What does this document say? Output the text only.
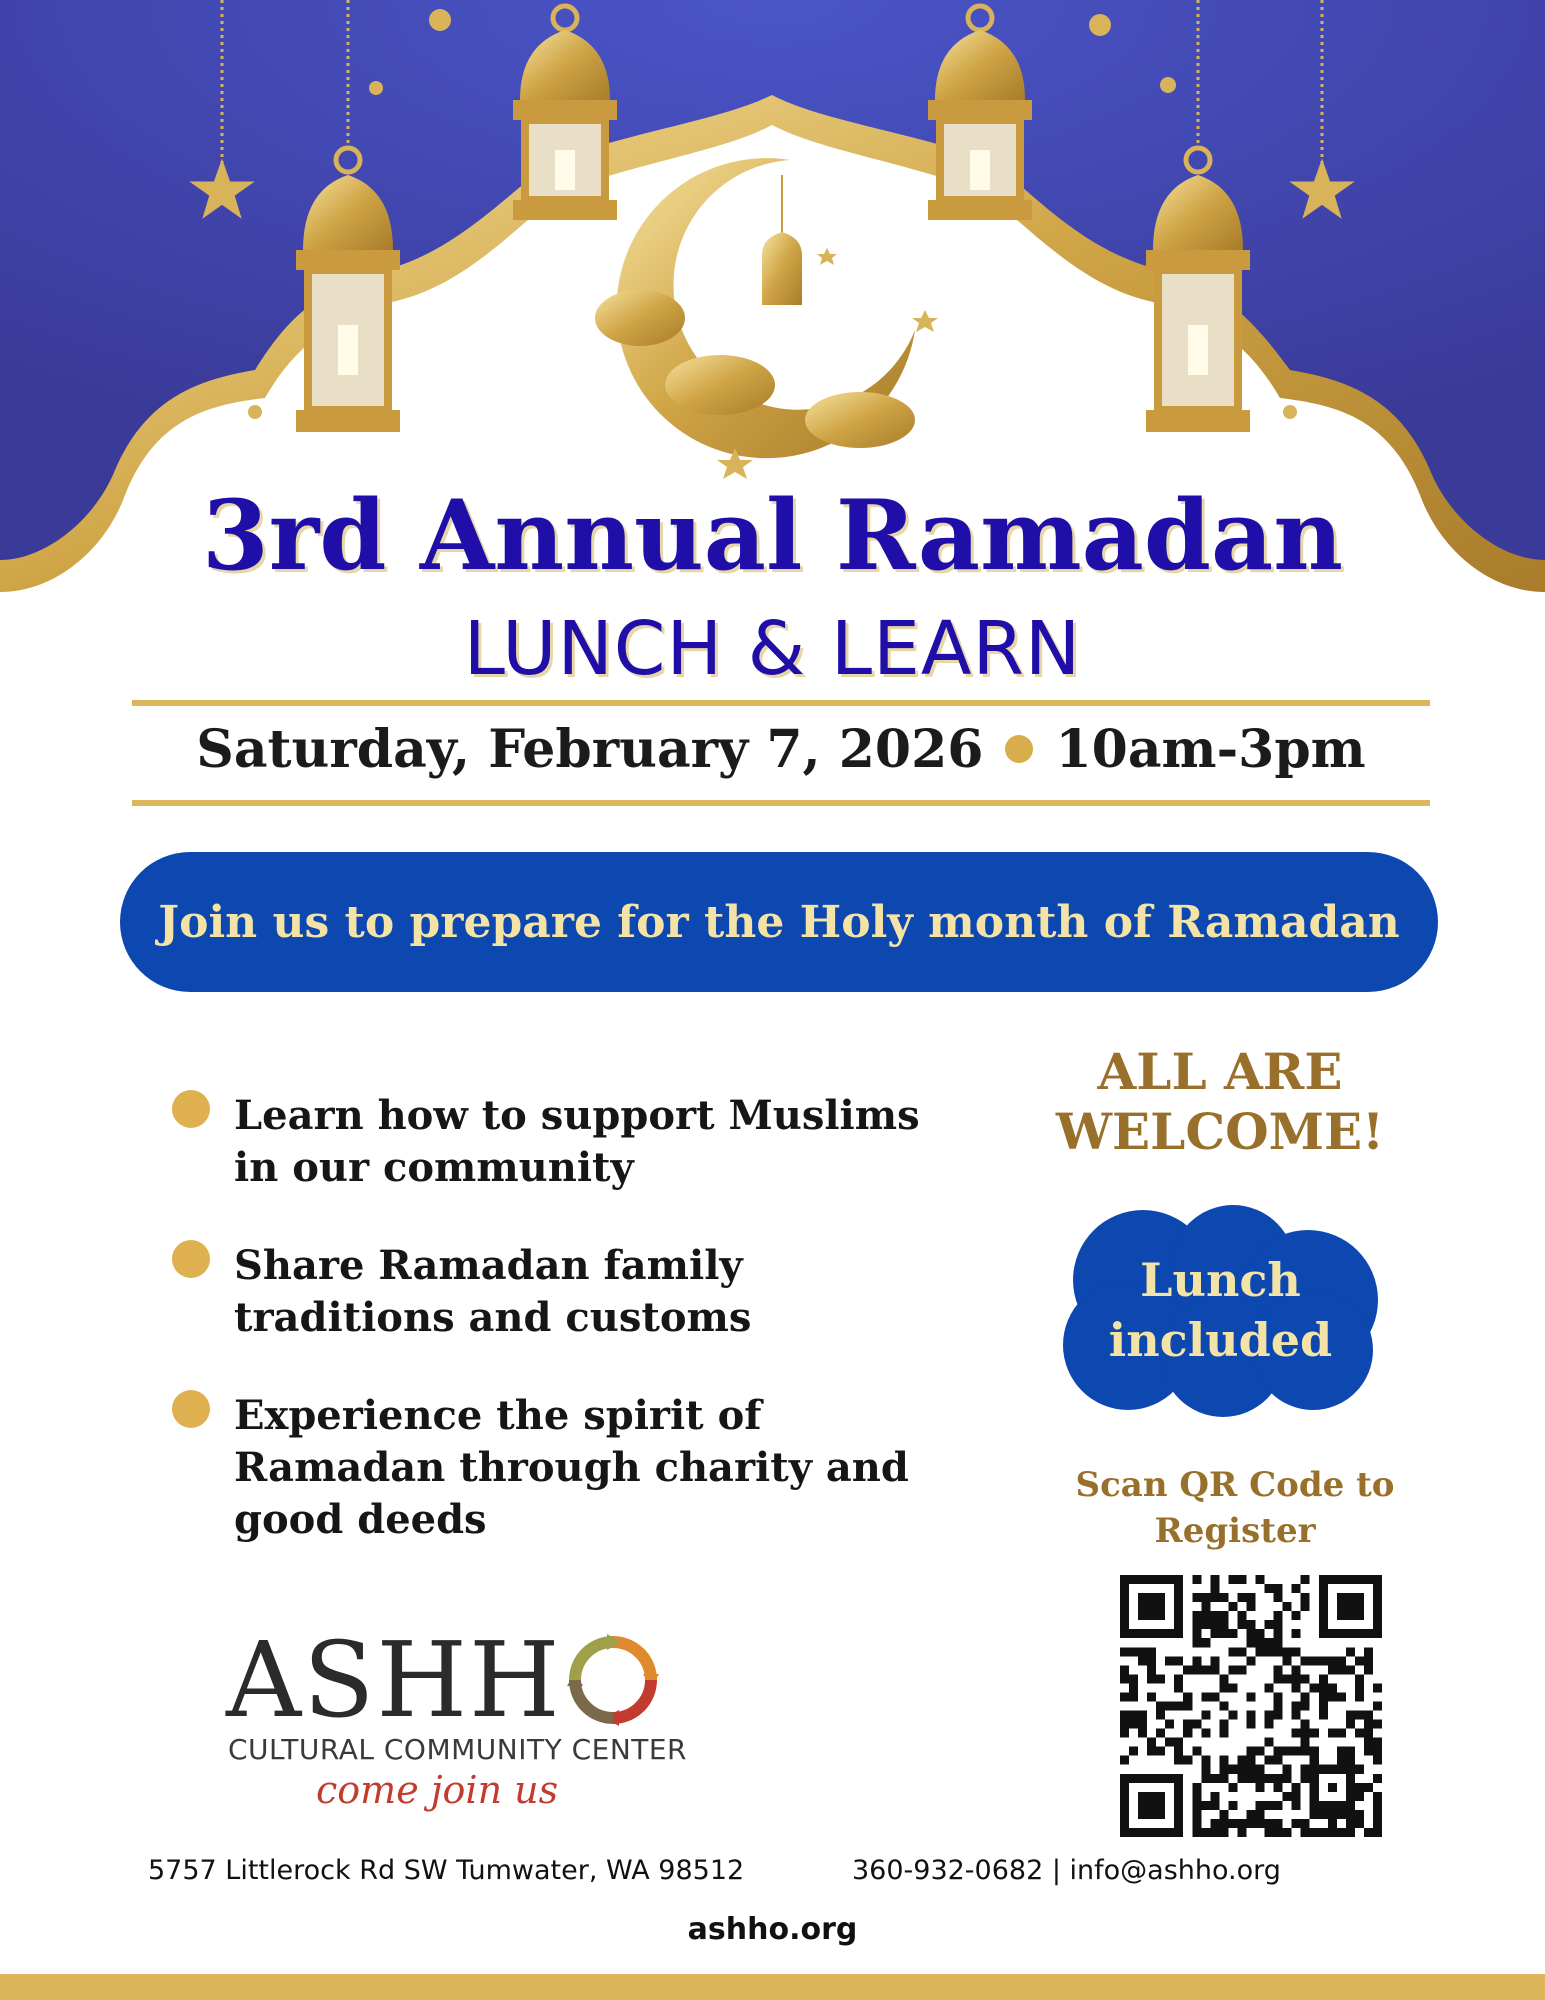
3rd Annual Ramadan
LUNCH & LEARN
Saturday, February 7, 2026 10am-3pm
Join us to prepare for the Holy month of Ramadan
Learn how to support Muslims in our community
Share Ramadan family traditions and customs
Experience the spirit of Ramadan through charity and good deeds
ALL ARE WELCOME!
Lunch included
Scan QR Code to Register
ASHH
CULTURAL COMMUNITY CENTER
come join us
5757 Littlerock Rd SW Tumwater, WA 98512	360-932-0682 | info@ashho.org
ashho.org
